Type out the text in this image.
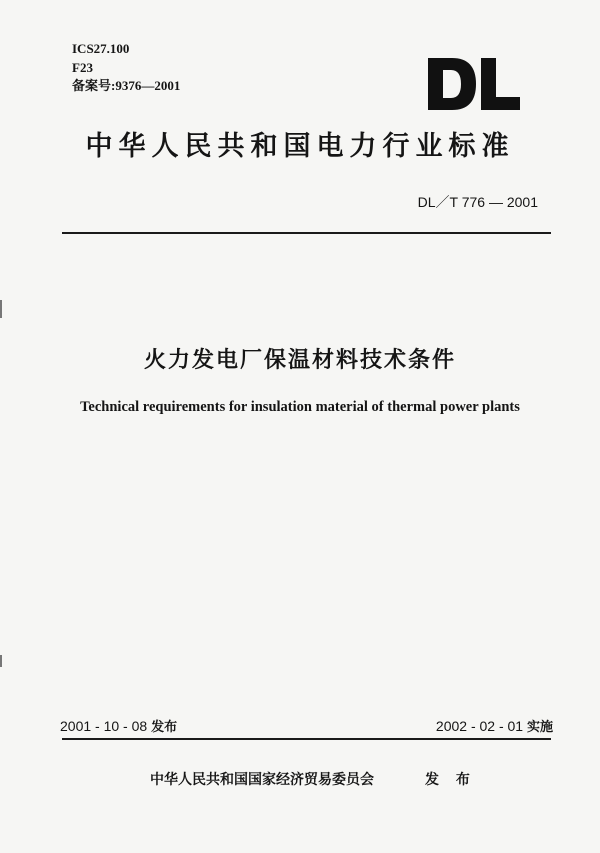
ICS27.100
F23
备案号:9376—2001
中华人民共和国电力行业标准
DL／T 776 — 2001
火力发电厂保温材料技术条件
Technical requirements for insulation material of thermal power plants
2001 - 10 - 08 发布	2002 - 02 - 01 实施
中华人民共和国国家经济贸易委员会	发 布
